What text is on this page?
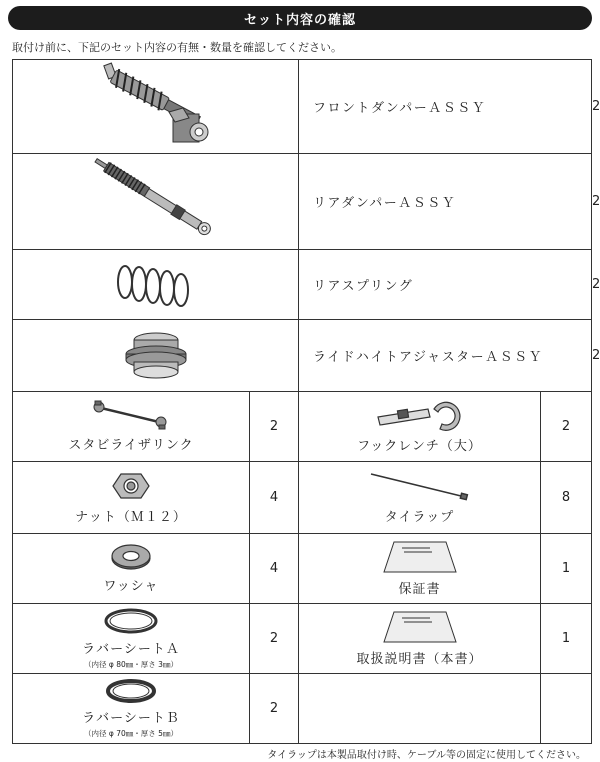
セット内容の確認
取付け前に、下記のセット内容の有無・数量を確認してください。
	フロントダンパーＡＳＳＹ		2

	リアダンパーＡＳＳＹ		2

	リアスプリング		2

	ライドハイトアジャスターＡＳＳＹ		2

スタビライザリンク	2	フックレンチ（大）	2	

ナット（Ｍ１２）	4	タイラップ	8	

ワッシャ	4	保証書	1	

ラバーシートＡ
（内径 φ 80㎜・厚さ 3㎜）	2	取扱説明書（本書）	1	

ラバーシートＢ
（内径 φ 70㎜・厚さ 5㎜）	2			
タイラップは本製品取付け時、ケーブル等の固定に使用してください。
